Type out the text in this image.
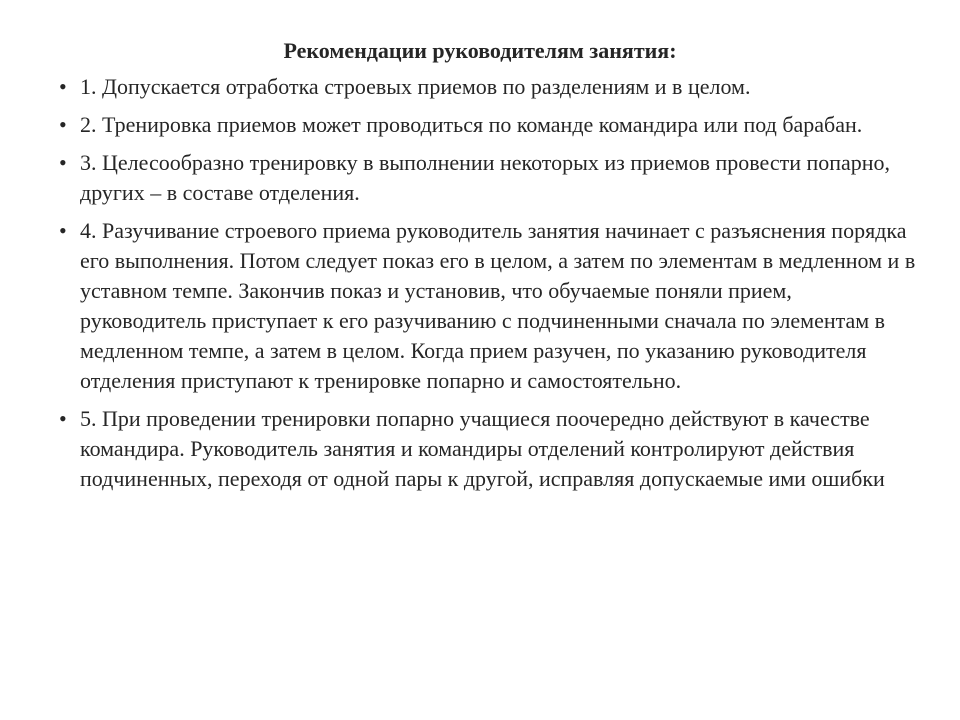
Рекомендации руководителям занятия:
• 1. Допускается отработка строевых приемов по разделениям и в целом.
• 2. Тренировка приемов может проводиться по команде командира или под барабан.
• 3. Целесообразно тренировку в выполнении некоторых из приемов провести попарно, других – в составе отделения.
• 4. Разучивание строевого приема руководитель занятия начинает с разъяснения порядка его выполнения. Потом следует показ его в целом, а затем по элементам в медленном и в уставном темпе. Закончив показ и установив, что обучаемые поняли прием, руководитель приступает к его разучиванию с подчиненными сначала по элементам в медленном темпе, а затем в целом. Когда прием разучен, по указанию руководителя отделения приступают к тренировке попарно и самостоятельно.
• 5. При проведении тренировки попарно учащиеся поочередно действуют в качестве командира. Руководитель занятия и командиры отделений контролируют действия подчиненных, переходя от одной пары к другой, исправляя допускаемые ими ошибки
